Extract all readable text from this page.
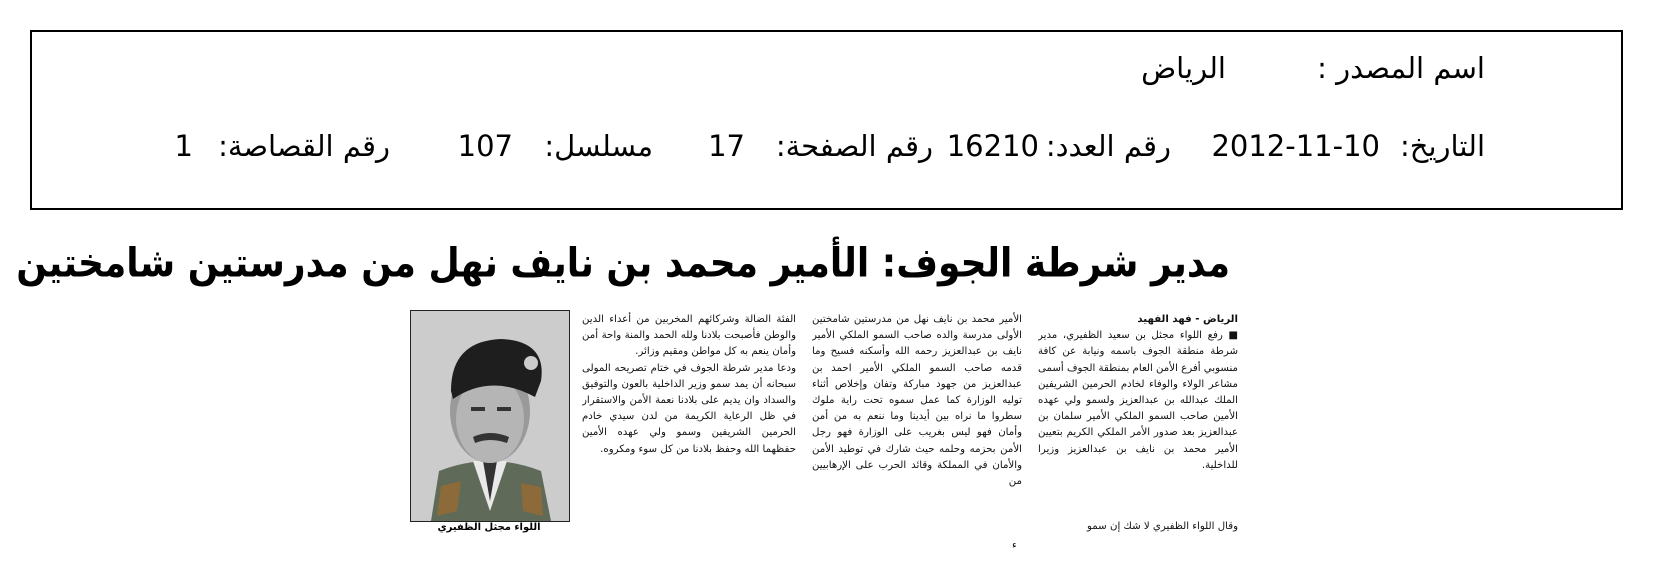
اسم المصدر :
الرياض
التاريخ:
2012-11-10
رقم العدد:
16210
رقم الصفحة:
17
مسلسل:
107
رقم القصاصة:
1
مدير شرطة الجوف: الأمير محمد بن نايف نهل من مدرستين شامختين

الرياض - فهد الفهيد

■ رفع اللواء مجثل بن سعيد الظفيري، مدير شرطة منطقة الجوف باسمه ونيابة عن كافة منسوبي أفرع الأمن العام بمنطقة الجوف أسمى مشاعر الولاء والوفاء لخادم الحرمين الشريفين الملك عبدالله بن عبدالعزيز ولسمو ولي عهده الأمين صاحب السمو الملكي الأمير سلمان بن عبدالعزيز بعد صدور الأمر الملكي الكريم بتعيين الأمير محمد بن نايف بن عبدالعزيز وزيرا للداخلية.

وقال اللواء الظفيري لا شك إن سمو

الأمير محمد بن نايف نهل من مدرستين شامختين الأولى مدرسة والده صاحب السمو الملكي الأمير نايف بن عبدالعزيز رحمه الله وأسكنه فسيح وما قدمه صاحب السمو الملكي الأمير احمد بن عبدالعزيز من جهود مباركة وتفان وإخلاص أثناء توليه الوزارة كما عمل سموه تحت راية ملوك سطروا ما نراه بين أيدينا وما ننعم به من أمن وأمان فهو ليس بغريب على الوزارة فهو رجل الأمن بحزمه وحلمه حيث شارك في توطيد الأمن والأمان في المملكة وقائد الحرب على الإرهابيين من

الفئة الضالة وشركائهم المخربين من أعداء الدين والوطن فأصبحت بلادنا ولله الحمد والمنة واحة أمن وأمان ينعم به كل مواطن ومقيم وزائر.

ودعا مدير شرطة الجوف في ختام تصريحه المولى سبحانه أن يمد سمو وزير الداخلية بالعون والتوفيق والسداد وان يديم على بلادنا نعمة الأمن والاستقرار في ظل الرعاية الكريمة من لدن سيدي خادم الحرمين الشريفين وسمو ولي عهده الأمين حفظهما الله وحفظ بلادنا من كل سوء ومكروه.

اللواء مجثل الظفيري
ء
